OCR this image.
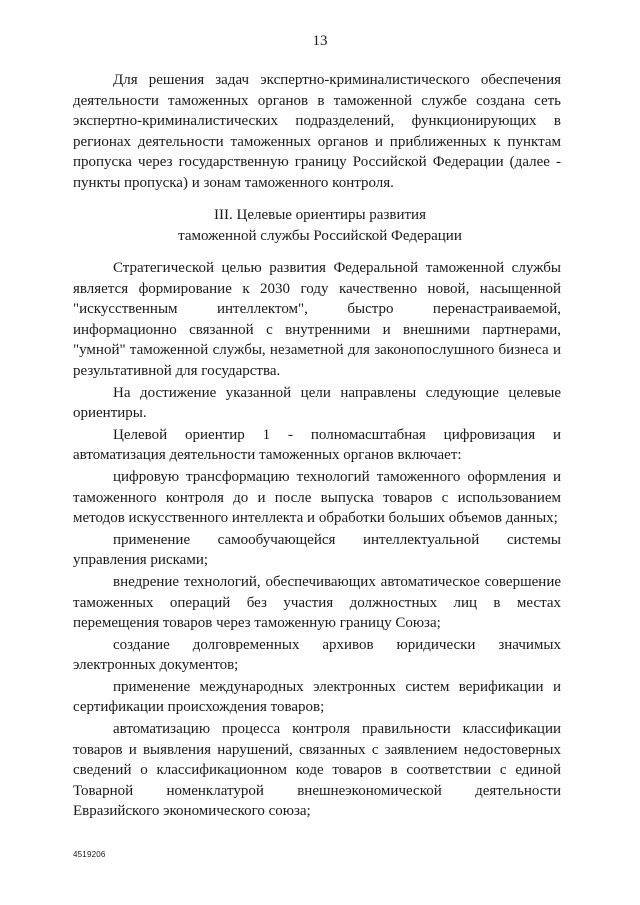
13

Для решения задач экспертно-криминалистического обеспечения деятельности таможенных органов в таможенной службе создана сеть экспертно-криминалистических подразделений, функционирующих в регионах деятельности таможенных органов и приближенных к пунктам пропуска через государственную границу Российской Федерации (далее - пункты пропуска) и зонам таможенного контроля.

III. Целевые ориентиры развития
таможенной службы Российской Федерации

Стратегической целью развития Федеральной таможенной службы является формирование к 2030 году качественно новой, насыщенной "искусственным интеллектом", быстро перенастраиваемой, информационно связанной с внутренними и внешними партнерами, "умной" таможенной службы, незаметной для законопослушного бизнеса и результативной для государства.

На достижение указанной цели направлены следующие целевые ориентиры.

Целевой ориентир 1 - полномасштабная цифровизация и автоматизация деятельности таможенных органов включает:

цифровую трансформацию технологий таможенного оформления и таможенного контроля до и после выпуска товаров с использованием методов искусственного интеллекта и обработки больших объемов данных;

применение самообучающейся интеллектуальной системы управления рисками;

внедрение технологий, обеспечивающих автоматическое совершение таможенных операций без участия должностных лиц в местах перемещения товаров через таможенную границу Союза;

создание долговременных архивов юридически значимых электронных документов;

применение международных электронных систем верификации и сертификации происхождения товаров;

автоматизацию процесса контроля правильности классификации товаров и выявления нарушений, связанных с заявлением недостоверных сведений о классификационном коде товаров в соответствии с единой Товарной номенклатурой внешнеэкономической деятельности Евразийского экономического союза;

4519206
